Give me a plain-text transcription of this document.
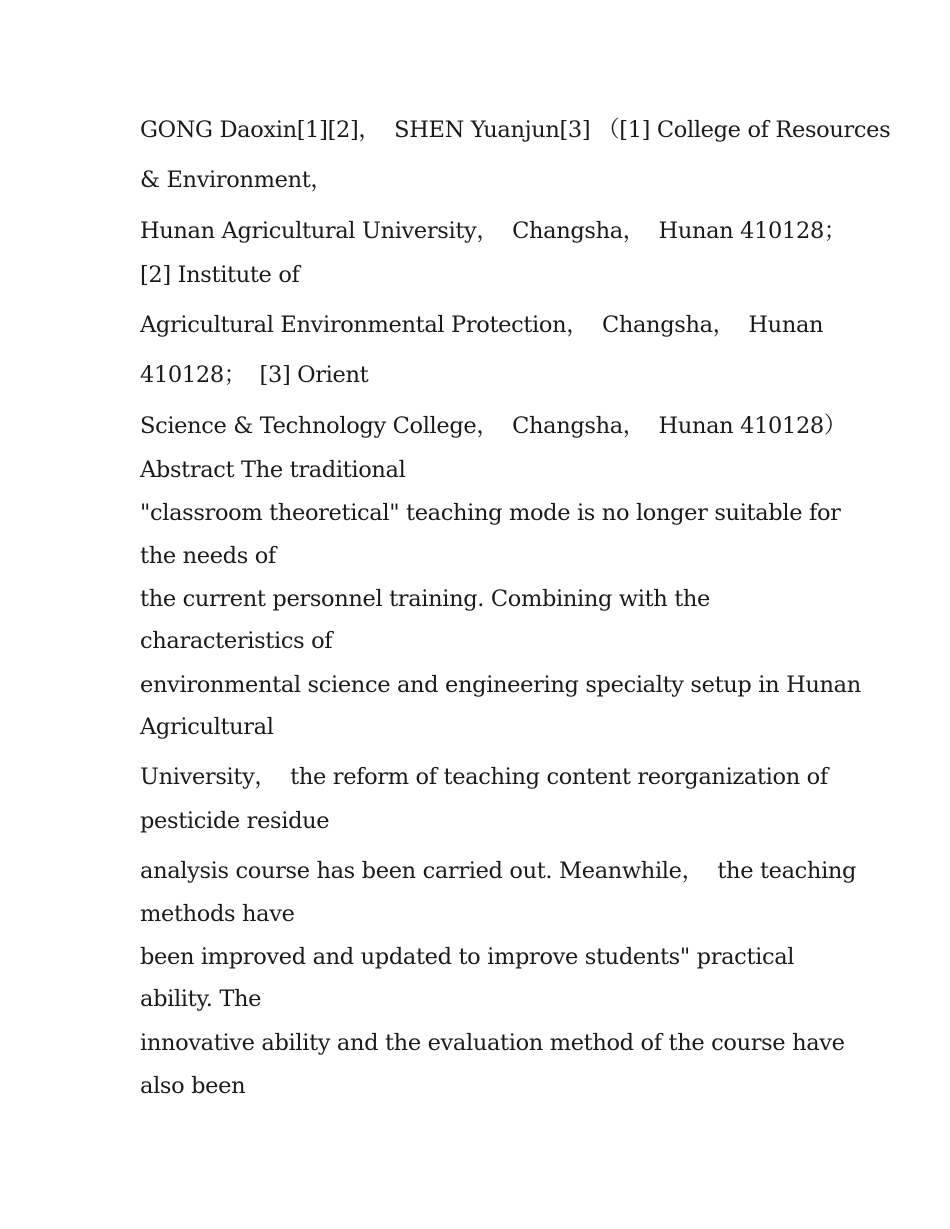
GONG Daoxin[1][2]，  SHEN Yuanjun[3] （[1] College of Resources
& Environment，
Hunan Agricultural University，  Changsha，  Hunan 410128；
[2] Institute of
Agricultural Environmental Protection，  Changsha，  Hunan
410128；  [3] Orient
Science & Technology College，  Changsha，  Hunan 410128）
Abstract The traditional
"classroom theoretical" teaching mode is no longer suitable for
the needs of
the current personnel training. Combining with the
characteristics of
environmental science and engineering specialty setup in Hunan
Agricultural
University，  the reform of teaching content reorganization of
pesticide residue
analysis course has been carried out. Meanwhile，  the teaching
methods have
been improved and updated to improve students" practical
ability. The
innovative ability and the evaluation method of the course have
also been
